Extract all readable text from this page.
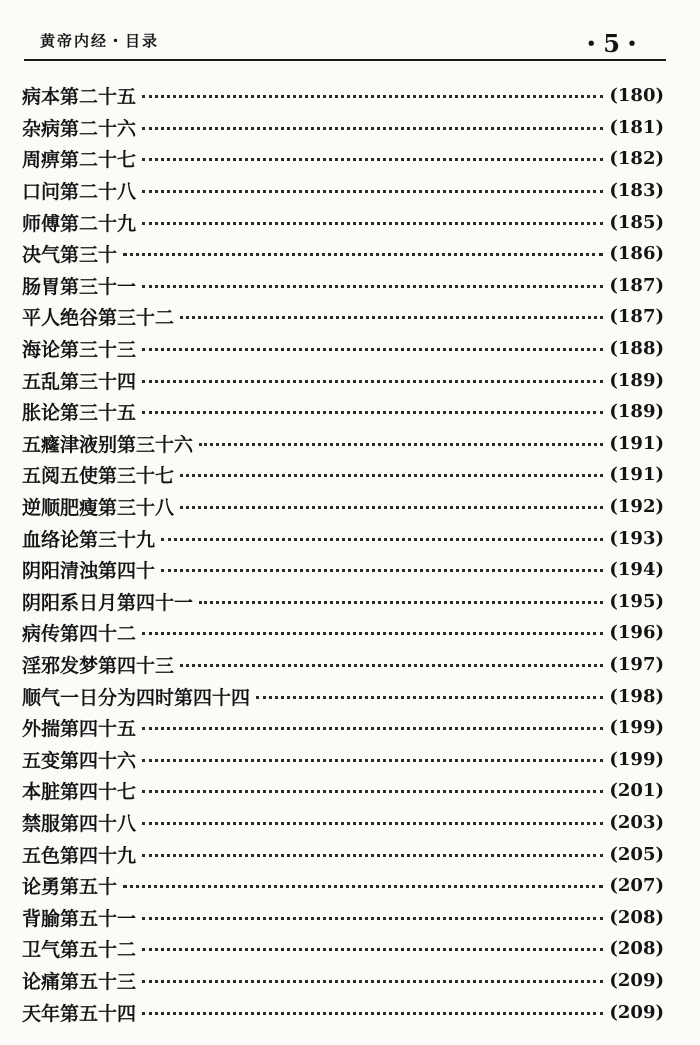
黄帝内经・目录	・5・
病本第二十五	(180)
杂病第二十六	(181)
周痹第二十七	(182)
口问第二十八	(183)
师傅第二十九	(185)
决气第三十	(186)
肠胃第三十一	(187)
平人绝谷第三十二	(187)
海论第三十三	(188)
五乱第三十四	(189)
胀论第三十五	(189)
五癃津液别第三十六	(191)
五阅五使第三十七	(191)
逆顺肥瘦第三十八	(192)
血络论第三十九	(193)
阴阳清浊第四十	(194)
阴阳系日月第四十一	(195)
病传第四十二	(196)
淫邪发梦第四十三	(197)
顺气一日分为四时第四十四	(198)
外揣第四十五	(199)
五变第四十六	(199)
本脏第四十七	(201)
禁服第四十八	(203)
五色第四十九	(205)
论勇第五十	(207)
背腧第五十一	(208)
卫气第五十二	(208)
论痛第五十三	(209)
天年第五十四	(209)
